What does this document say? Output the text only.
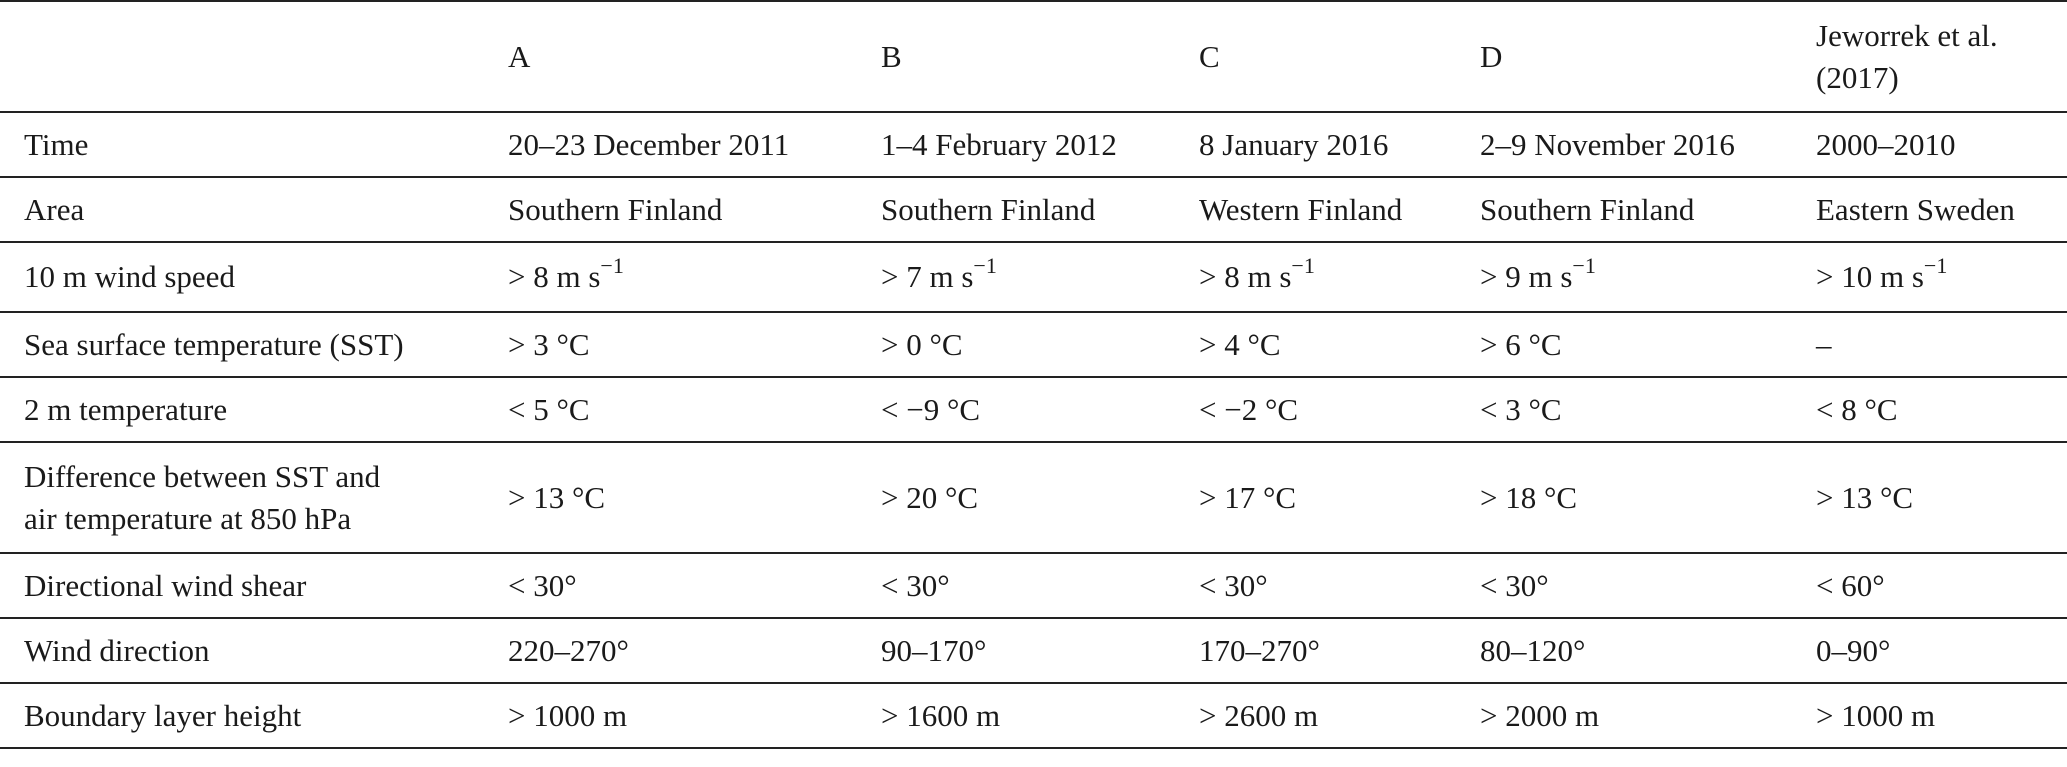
	A	B	C	D	Jeworrek et al.
(2017)
Time	20–23 December 2011	1–4 February 2012	8 January 2016	2–9 November 2016	2000–2010
Area	Southern Finland	Southern Finland	Western Finland	Southern Finland	Eastern Sweden
10 m wind speed	> 8 m $s^{-1}$	> 7 m $s^{-1}$	> 8 m $s^{-1}$	> 9 m $s^{-1}$	> 10 m $s^{-1}$
Sea surface temperature (SST)	> 3 °C	> 0 °C	> 4 °C	> 6 °C	–
2 m temperature	< 5 °C	< −9 °C	< −2 °C	< 3 °C	< 8 °C
Difference between SST and
air temperature at 850 hPa	> 13 °C	> 20 °C	> 17 °C	> 18 °C	> 13 °C
Directional wind shear	< 30°	< 30°	< 30°	< 30°	< 60°
Wind direction	220–270°	90–170°	170–270°	80–120°	0–90°
Boundary layer height	> 1000 m	> 1600 m	> 2600 m	> 2000 m	> 1000 m
